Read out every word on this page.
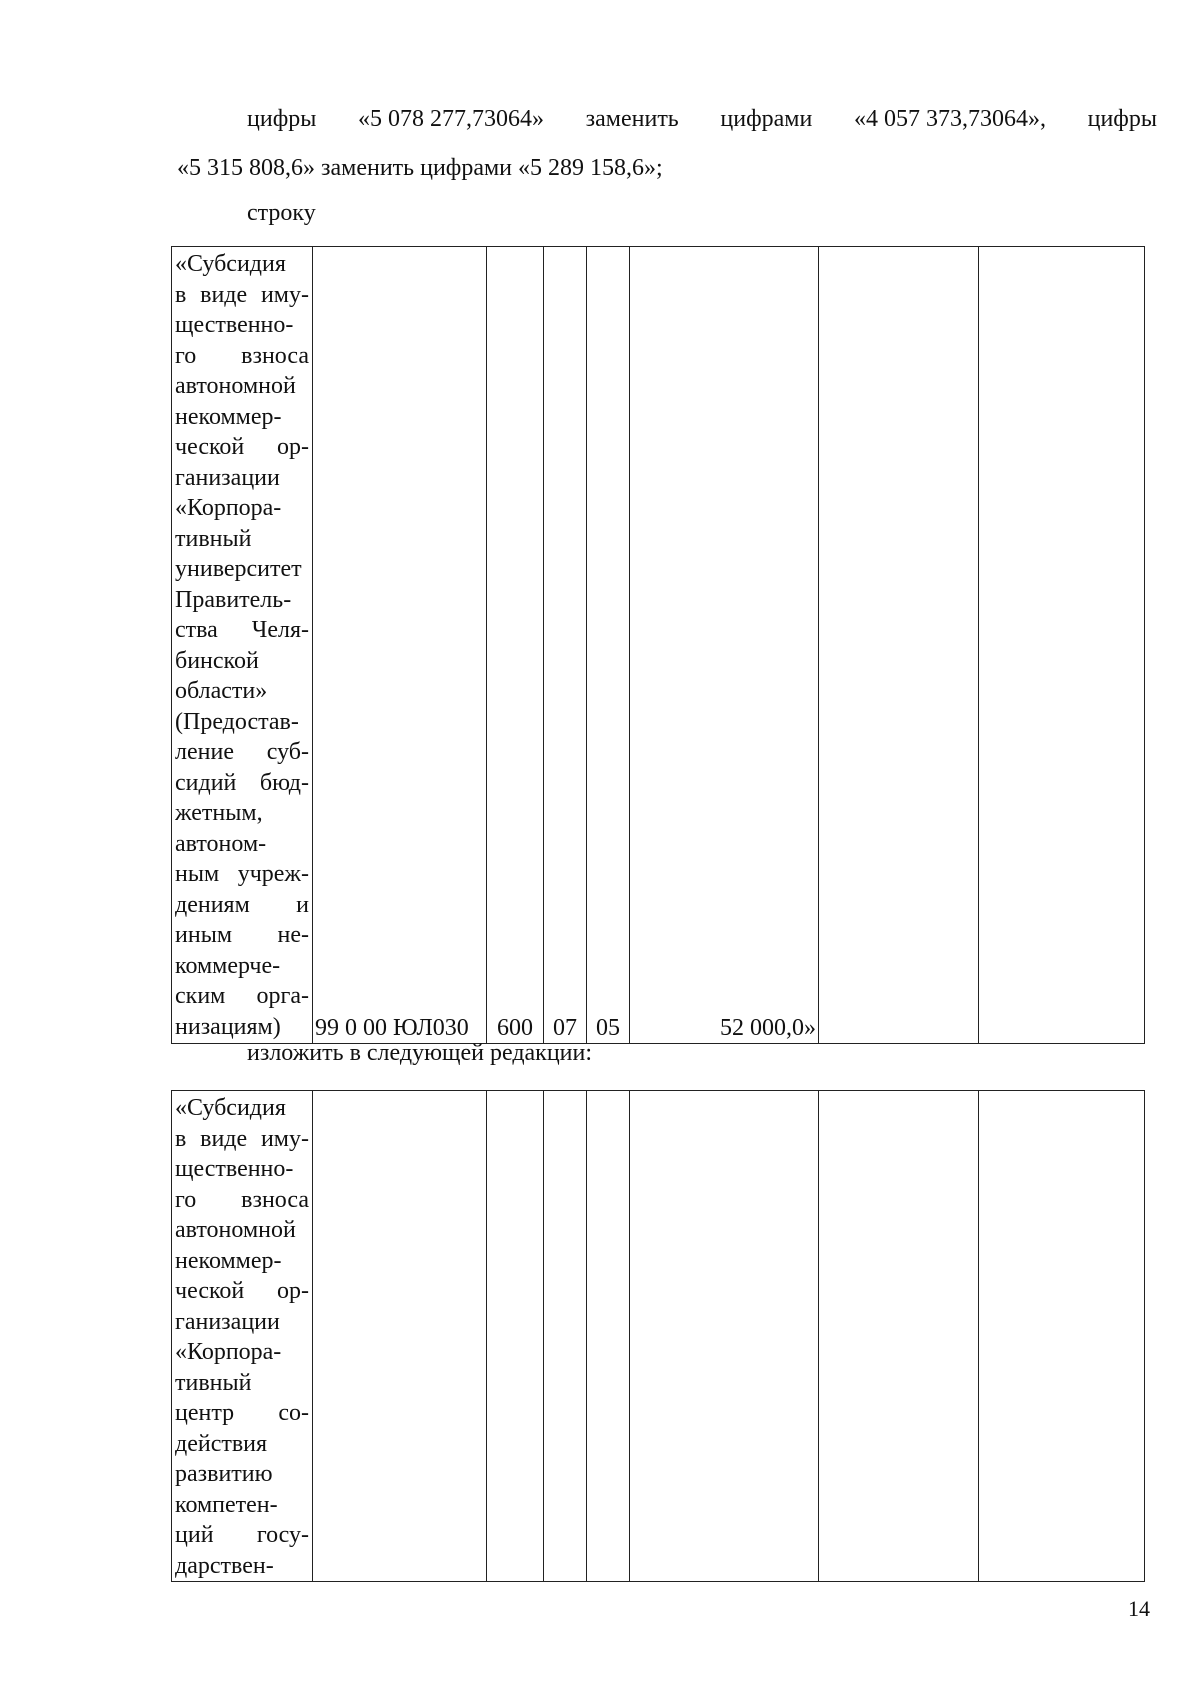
цифры «5 078 277,73064» заменить цифрами «4 057 373,73064», цифры
«5 315 808,6» заменить цифрами «5 289 158,6»;
строку
«Субсидия
в виде иму-
щественно-
го взноса
автономной
некоммер-
ческой ор-
ганизации
«Корпора-
тивный
университет
Правитель-
ства Челя-
бинской
области»
(Предостав-
ление суб-
сидий бюд-
жетным,
автоном-
ным учреж-
дениям и
иным не-
коммерче-
ским орга-
низациям)	99 0 00 ЮЛ030	600	07	05	52 000,0»		
изложить в следующей редакции:
«Субсидия
в виде иму-
щественно-
го взноса
автономной
некоммер-
ческой ор-
ганизации
«Корпора-
тивный
центр со-
действия
развитию
компетен-
ций госу-
дарствен-

14
